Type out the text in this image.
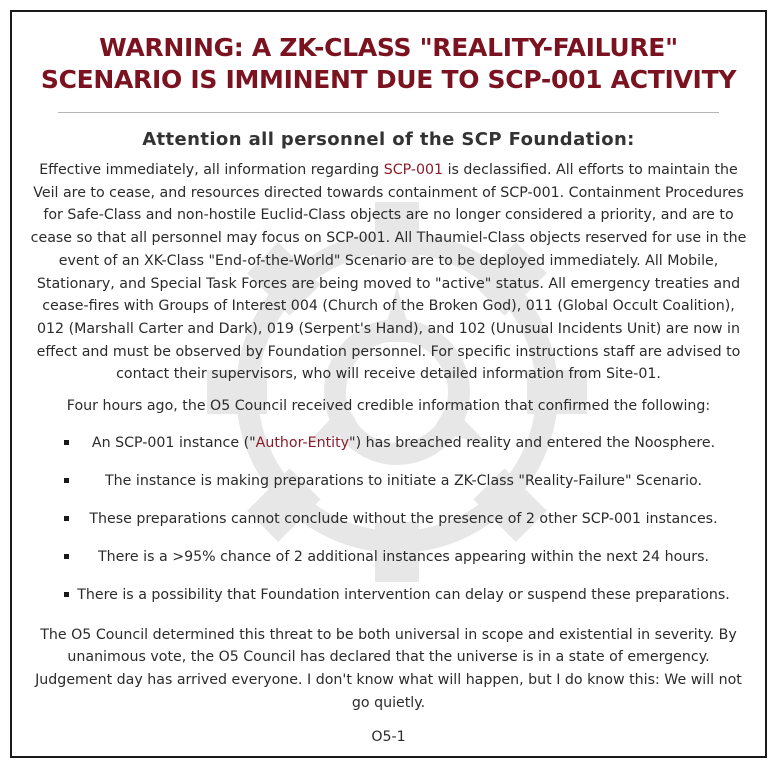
WARNING: A ZK-CLASS "REALITY-FAILURE" SCENARIO IS IMMINENT DUE TO SCP-001 ACTIVITY
Attention all personnel of the SCP Foundation:

Effective immediately, all information regarding SCP-001 is declassified. All efforts to maintain the Veil are to cease, and resources directed towards containment of SCP-001. Containment Procedures for Safe-Class and non-hostile Euclid-Class objects are no longer considered a priority, and are to cease so that all personnel may focus on SCP-001. All Thaumiel-Class objects reserved for use in the event of an XK-Class "End-of-the-World" Scenario are to be deployed immediately. All Mobile, Stationary, and Special Task Forces are being moved to "active" status. All emergency treaties and cease-fires with Groups of Interest 004 (Church of the Broken God), 011 (Global Occult Coalition), 012 (Marshall Carter and Dark), 019 (Serpent's Hand), and 102 (Unusual Incidents Unit) are now in effect and must be observed by Foundation personnel. For specific instructions staff are advised to contact their supervisors, who will receive detailed information from Site-01.

Four hours ago, the O5 Council received credible information that confirmed the following:

An SCP-001 instance ("Author-Entity") has breached reality and entered the Noosphere.
The instance is making preparations to initiate a ZK-Class "Reality-Failure" Scenario.
These preparations cannot conclude without the presence of 2 other SCP-001 instances.
There is a >95% chance of 2 additional instances appearing within the next 24 hours.
There is a possibility that Foundation intervention can delay or suspend these preparations.

The O5 Council determined this threat to be both universal in scope and existential in severity. By unanimous vote, the O5 Council has declared that the universe is in a state of emergency. Judgement day has arrived everyone. I don't know what will happen, but I do know this: We will not go quietly.

O5-1
